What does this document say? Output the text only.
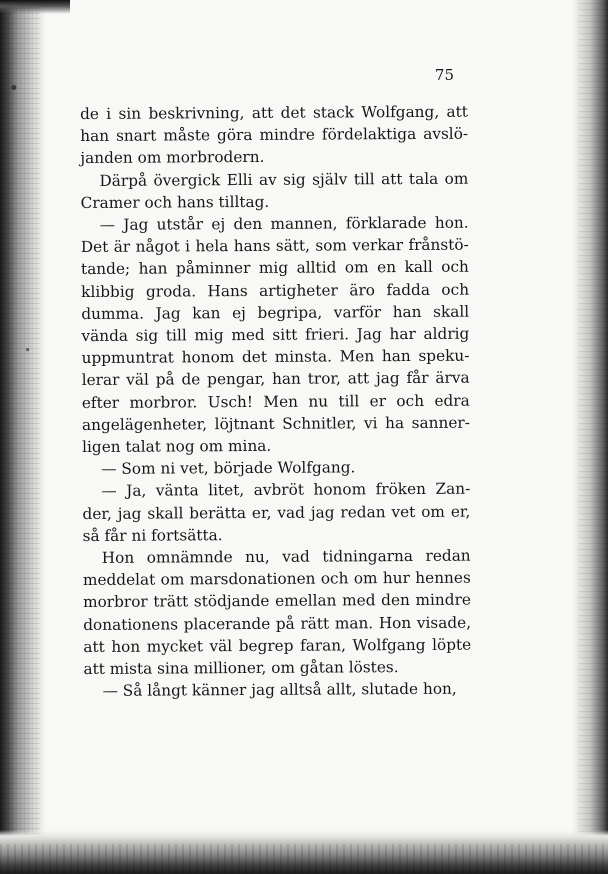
75
de i sin beskrivning, att det stack Wolfgang, att
han snart måste göra mindre fördelaktiga avslö-
janden om morbrodern.
Därpå övergick Elli av sig själv till att tala om
Cramer och hans tilltag.
— Jag utstår ej den mannen, förklarade hon.
Det är något i hela hans sätt, som verkar frånstö-
tande; han påminner mig alltid om en kall och
klibbig groda. Hans artigheter äro fadda och
dumma. Jag kan ej begripa, varför han skall
vända sig till mig med sitt frieri. Jag har aldrig
uppmuntrat honom det minsta. Men han speku-
lerar väl på de pengar, han tror, att jag får ärva
efter morbror. Usch! Men nu till er och edra
angelägenheter, löjtnant Schnitler, vi ha sanner-
ligen talat nog om mina.
— Som ni vet, började Wolfgang.
— Ja, vänta litet, avbröt honom fröken Zan-
der, jag skall berätta er, vad jag redan vet om er,
så får ni fortsätta.
Hon omnämnde nu, vad tidningarna redan
meddelat om marsdonationen och om hur hennes
morbror trätt stödjande emellan med den mindre
donationens placerande på rätt man. Hon visade,
att hon mycket väl begrep faran, Wolfgang löpte
att mista sina millioner, om gåtan löstes.
— Så långt känner jag alltså allt, slutade hon,
